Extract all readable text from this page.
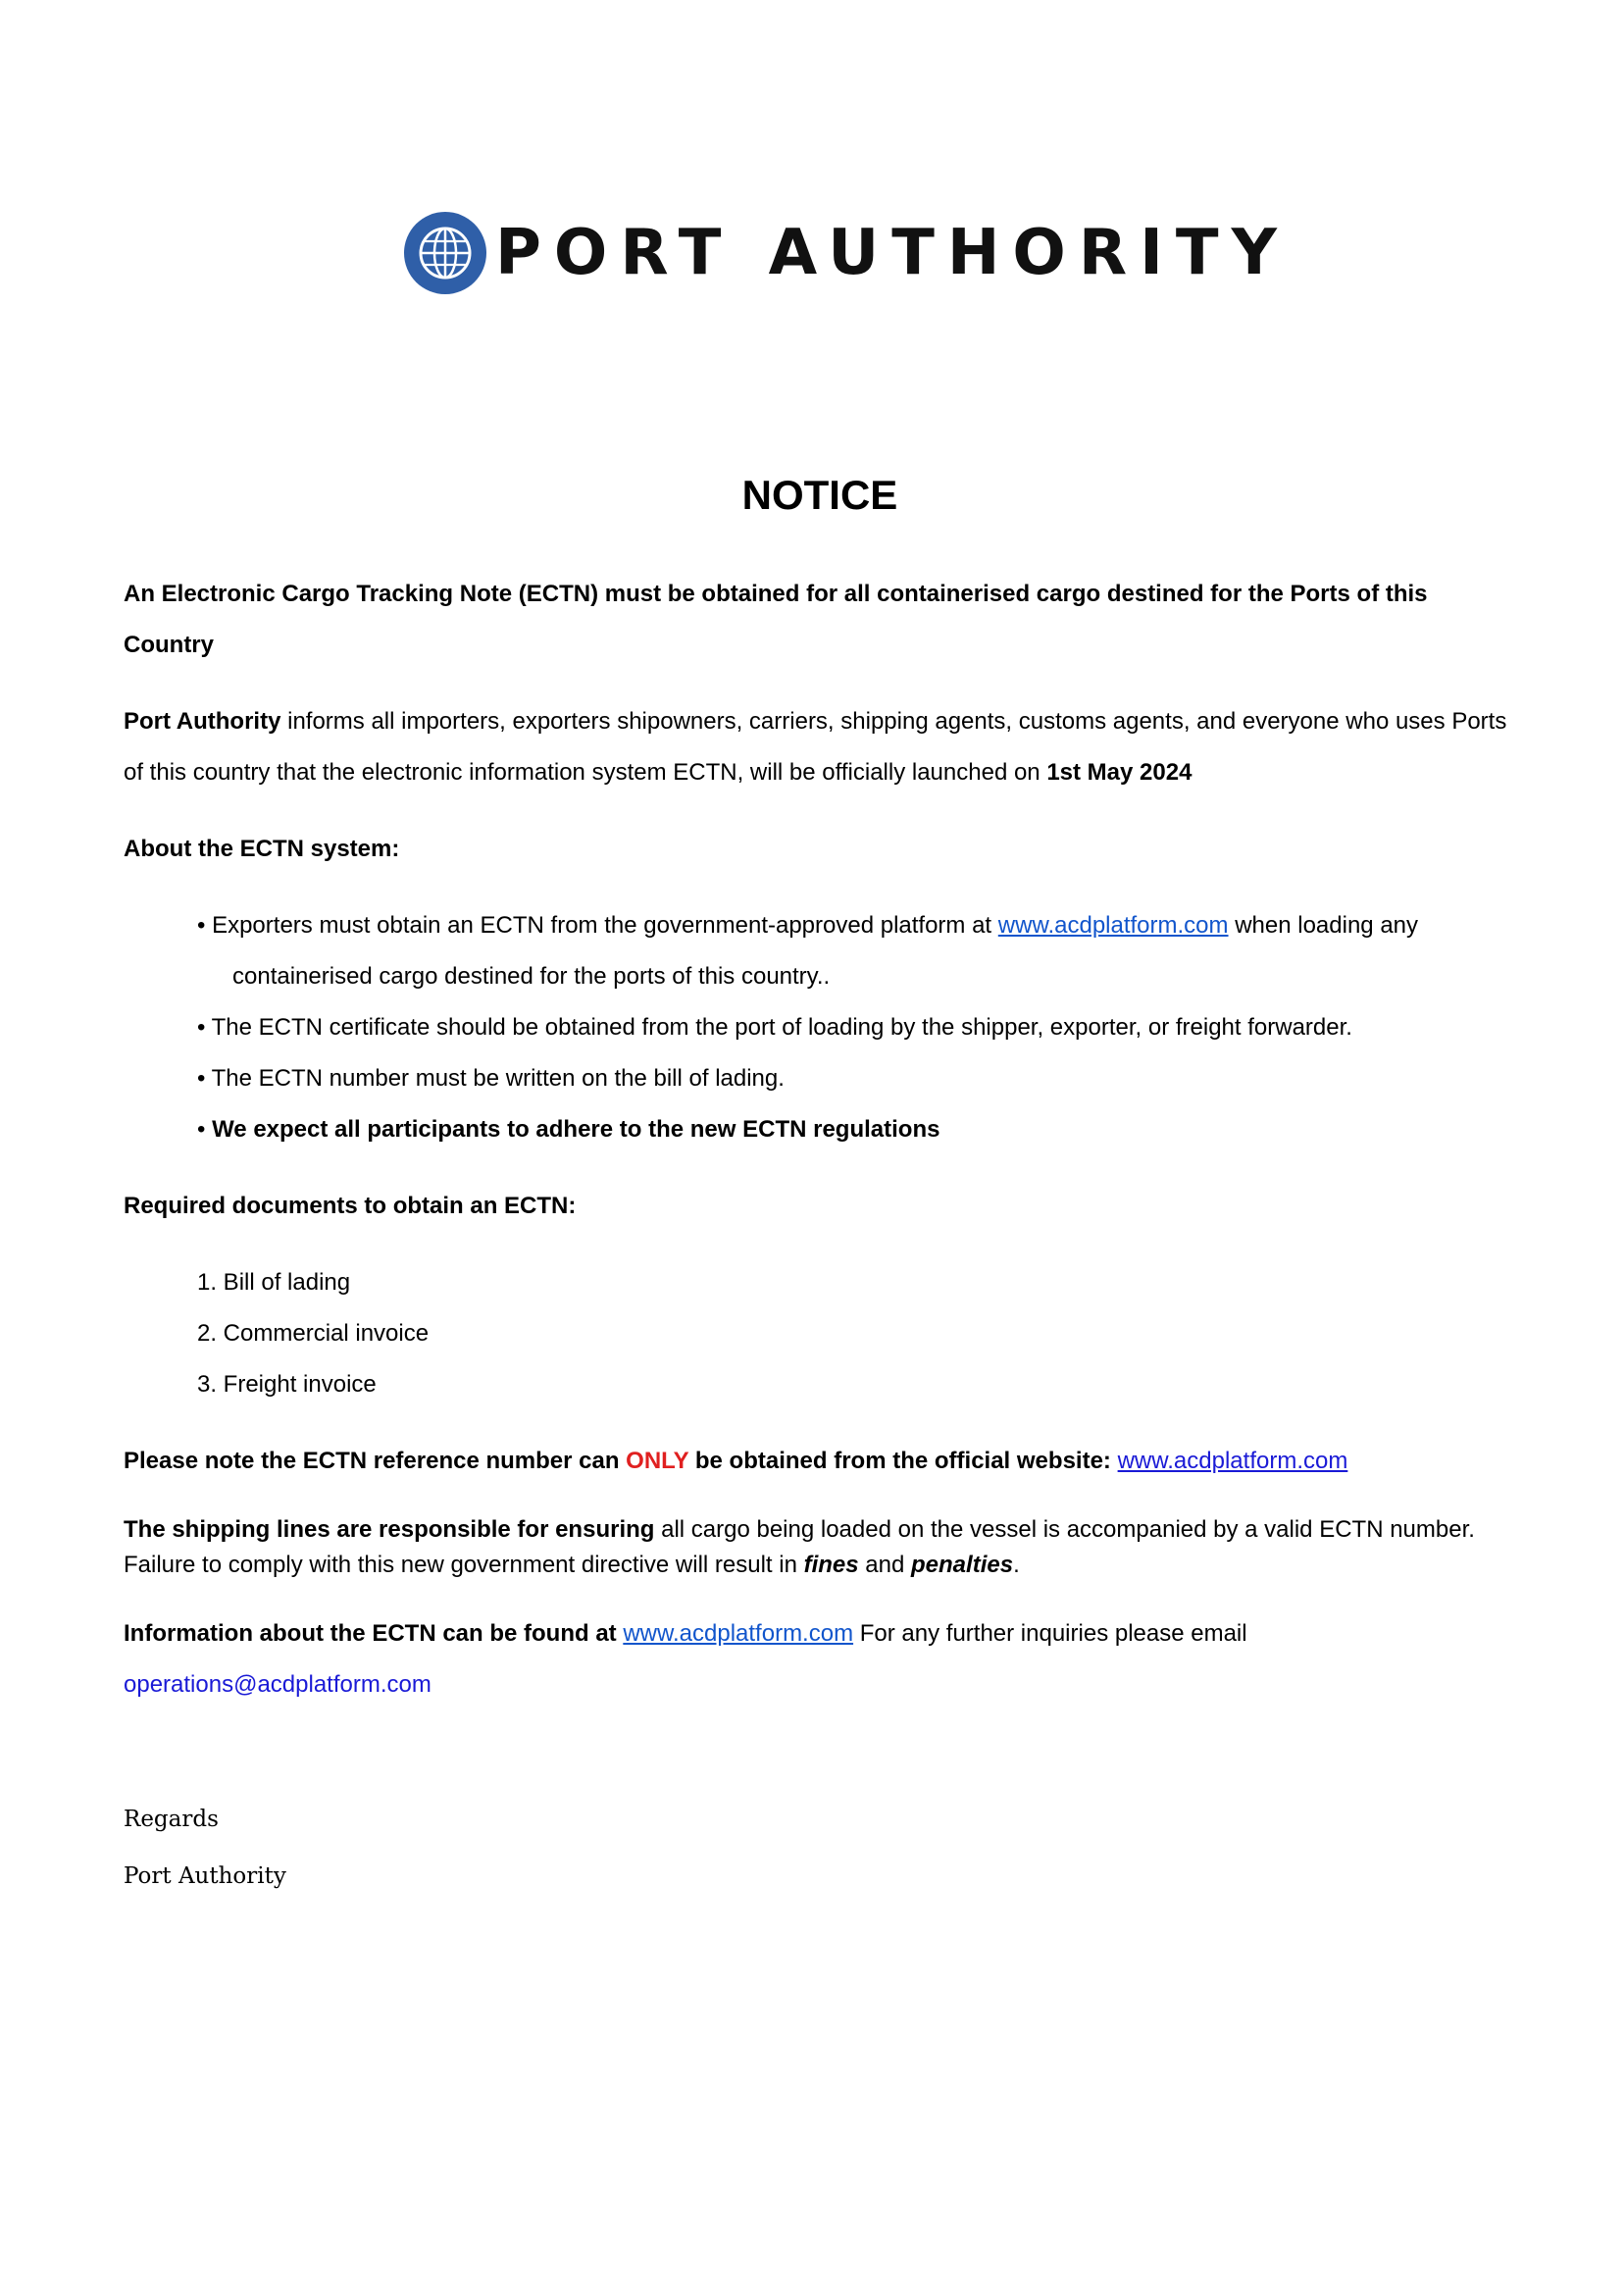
PORT AUTHORITY
NOTICE

An Electronic Cargo Tracking Note (ECTN) must be obtained for all containerised cargo destined for the Ports of this Country

Port Authority informs all importers, exporters shipowners, carriers, shipping agents, customs agents, and everyone who uses Ports of this country that the electronic information system ECTN, will be officially launched on 1st May 2024

About the ECTN system:

• Exporters must obtain an ECTN from the government-approved platform at www.acdplatform.com when loading any
containerised cargo destined for the ports of this country..
• The ECTN certificate should be obtained from the port of loading by the shipper, exporter, or freight forwarder.
• The ECTN number must be written on the bill of lading.
• We expect all participants to adhere to the new ECTN regulations

Required documents to obtain an ECTN:

1. Bill of lading
2. Commercial invoice
3. Freight invoice

Please note the ECTN reference number can ONLY be obtained from the official website: www.acdplatform.com

The shipping lines are responsible for ensuring all cargo being loaded on the vessel is accompanied by a valid ECTN number. Failure to comply with this new government directive will result in fines and penalties.

Information about the ECTN can be found at www.acdplatform.com For any further inquiries please email
operations@acdplatform.com

Regards
Port Authority
